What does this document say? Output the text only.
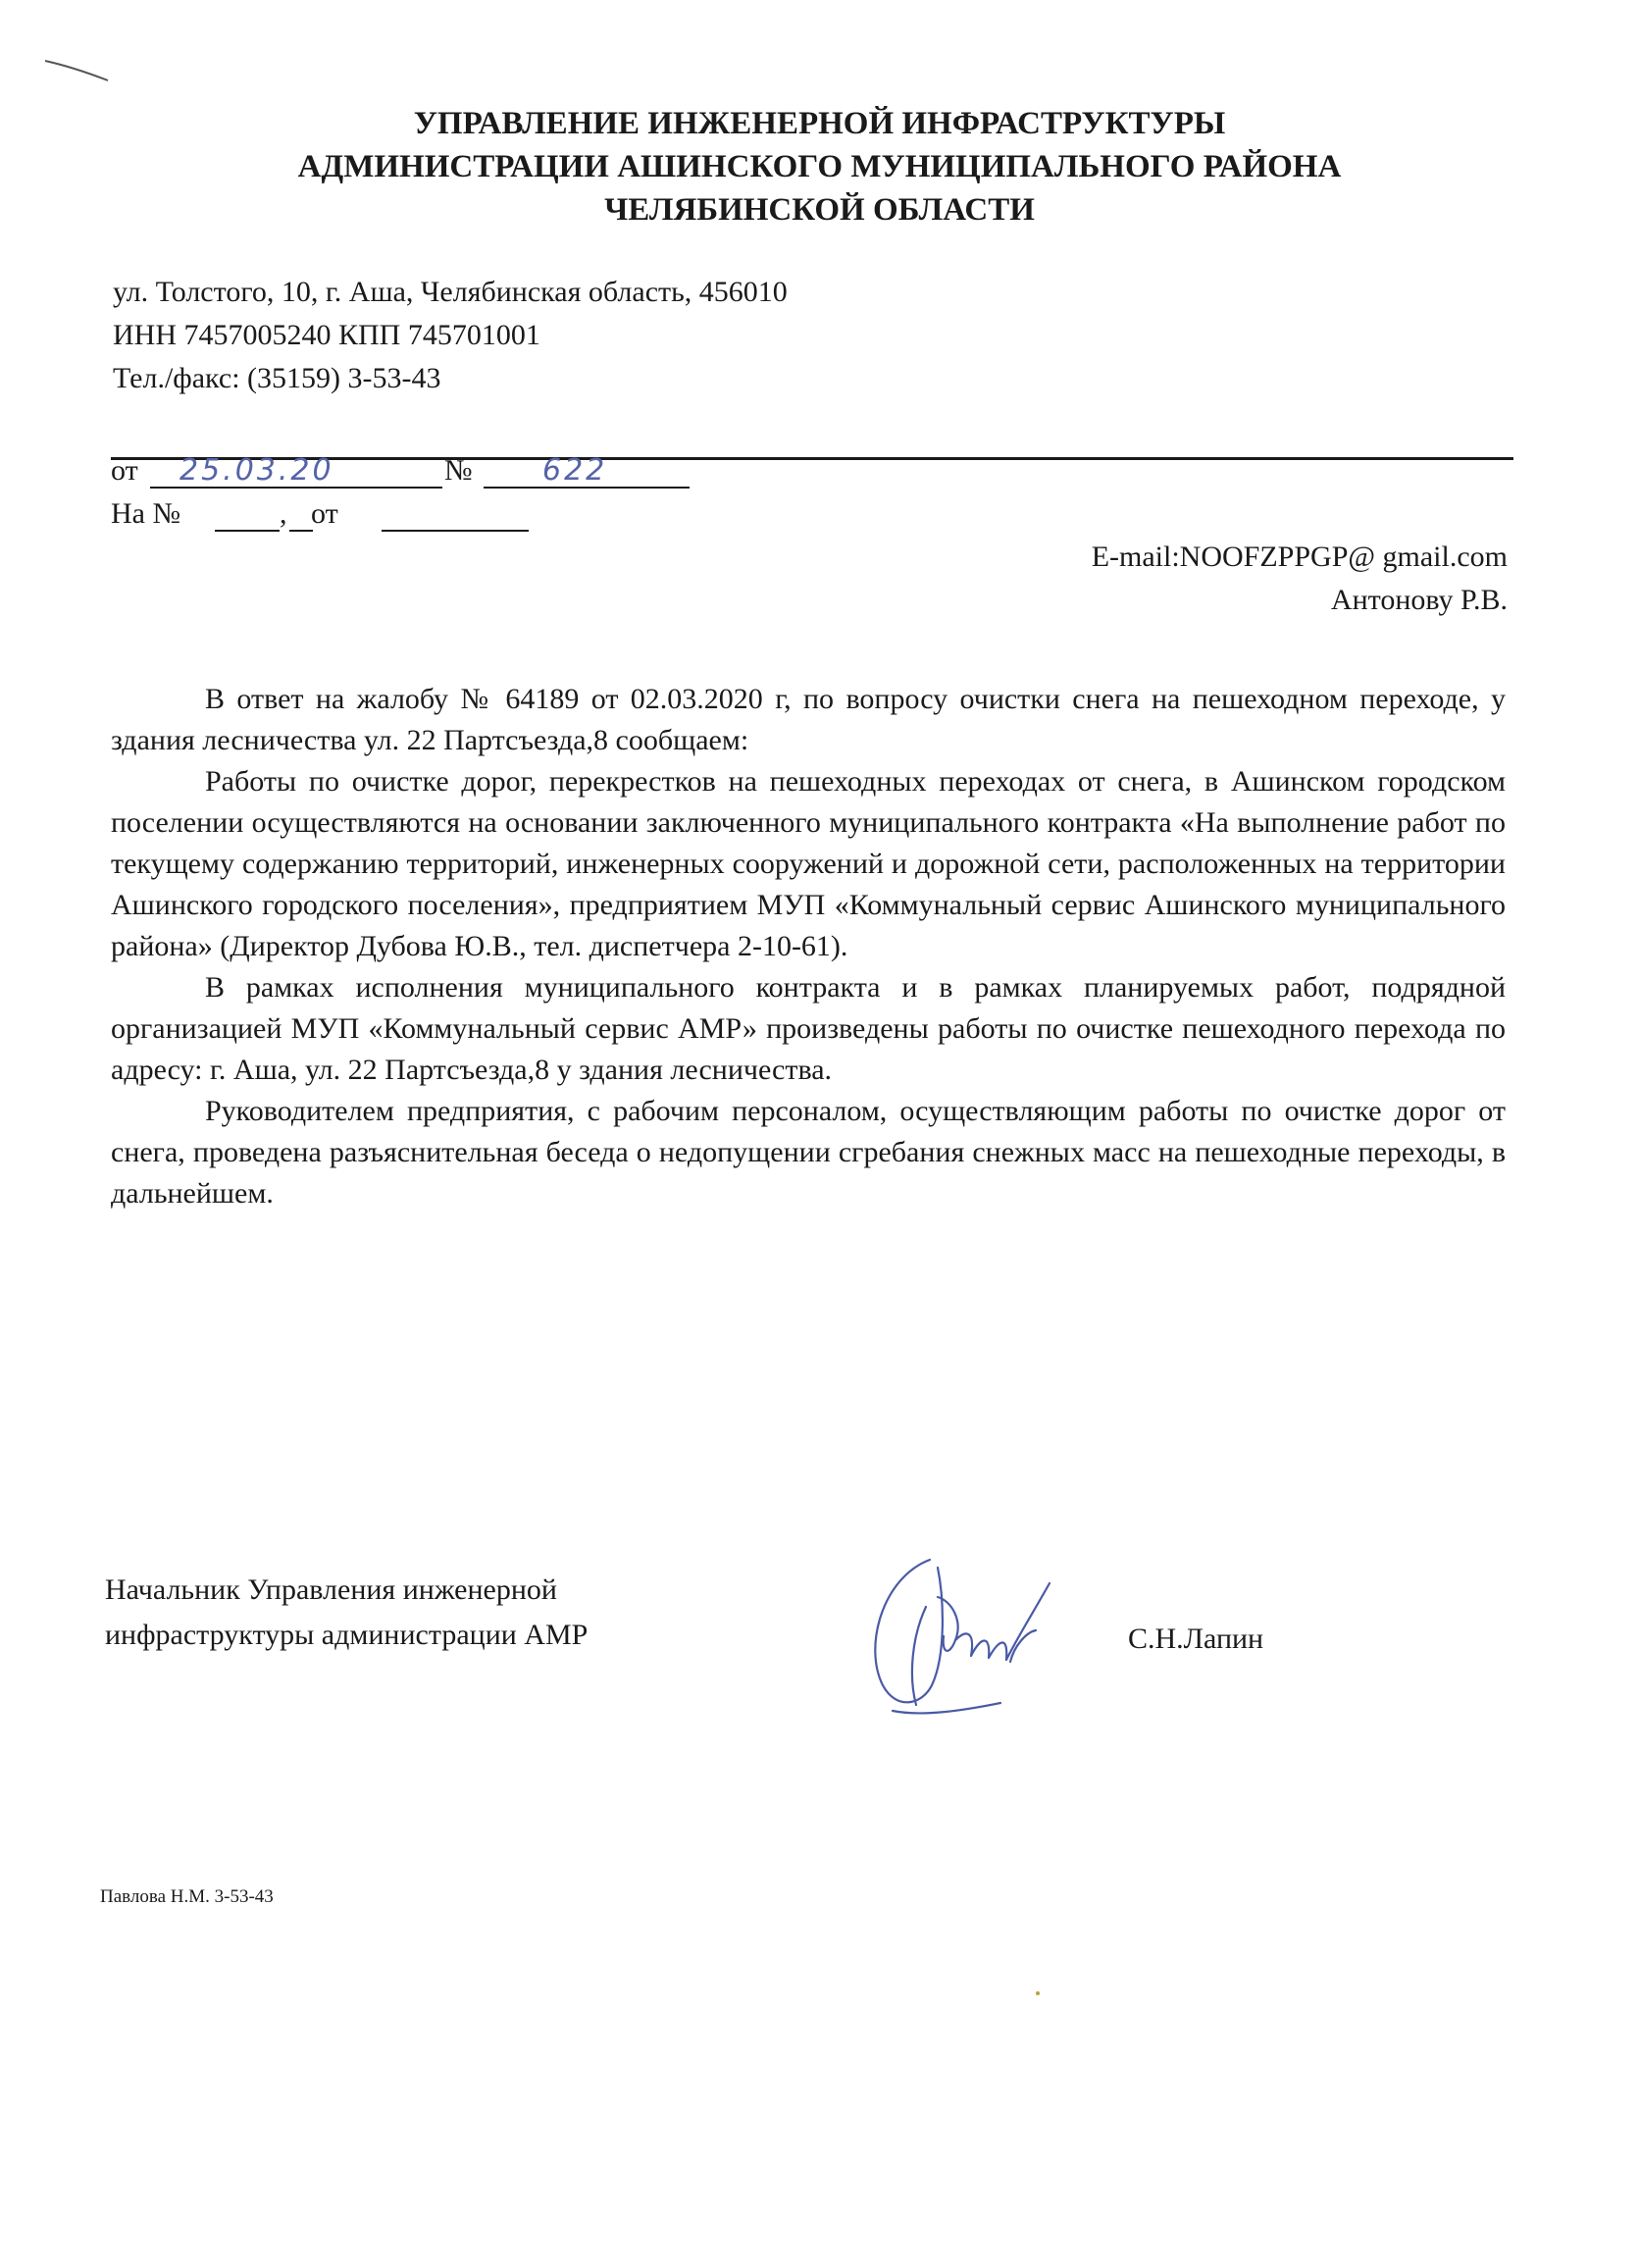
УПРАВЛЕНИЕ ИНЖЕНЕРНОЙ ИНФРАСТРУКТУРЫ
АДМИНИСТРАЦИИ АШИНСКОГО МУНИЦИПАЛЬНОГО РАЙОНА
ЧЕЛЯБИНСКОЙ ОБЛАСТИ
ул. Толстого, 10, г. Аша, Челябинская область, 456010
ИНН 7457005240 КПП 745701001
Тел./факс: (35159) 3-53-43
от 25.03.20	№ 622
На №	, от
E-mail:NOOFZPPGP@ gmail.com
Антонову Р.В.

В ответ на жалобу № 64189 от 02.03.2020 г, по вопросу очистки снега на пешеходном переходе, у здания лесничества ул. 22 Партсъезда,8 сообщаем:

Работы по очистке дорог, перекрестков на пешеходных переходах от снега, в Ашинском городском поселении осуществляются на основании заключенного муниципального контракта «На выполнение работ по текущему содержанию территорий, инженерных сооружений и дорожной сети, расположенных на территории Ашинского городского поселения», предприятием МУП «Коммунальный сервис Ашинского муниципального района» (Директор Дубова Ю.В., тел. диспетчера 2-10-61).

В рамках исполнения муниципального контракта и в рамках планируемых работ, подрядной организацией МУП «Коммунальный сервис АМР» произведены работы по очистке пешеходного перехода по адресу: г. Аша, ул. 22 Партсъезда,8 у здания лесничества.

Руководителем предприятия, с рабочим персоналом, осуществляющим работы по очистке дорог от снега, проведена разъяснительная беседа о недопущении сгребания снежных масс на пешеходные переходы, в дальнейшем.

Начальник Управления инженерной
инфраструктуры администрации АМР	С.Н.Лапин
Павлова Н.М. 3-53-43
